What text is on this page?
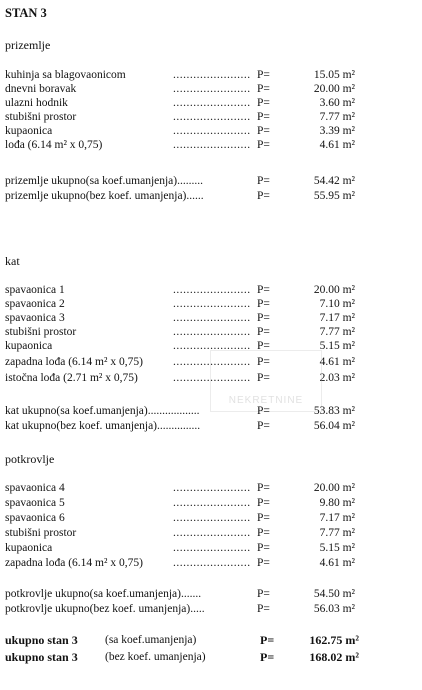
STAN 3
prizemlje
kuhinja sa blagovaonicom	....................... P=	15.05 m²
dnevni boravak	....................... P=	20.00 m²
ulazni hodnik	....................... P=	3.60 m²
stubišni prostor	....................... P=	7.77 m²
kupaonica	....................... P=	3.39 m²
lođa (6.14 m² x 0,75)	....................... P=	4.61 m²
prizemlje ukupno(sa koef.umanjenja).........	P=	54.42 m²
prizemlje ukupno(bez koef. umanjenja)......	P=	55.95 m²
kat
spavaonica 1	....................... P=	20.00 m²
spavaonica 2	....................... P=	7.10 m²
spavaonica 3	....................... P=	7.17 m²
stubišni prostor	....................... P=	7.77 m²
kupaonica	....................... P=	5.15 m²
zapadna lođa (6.14 m² x 0,75)	....................... P=	4.61 m²
istočna lođa (2.71 m² x 0,75)	....................... P=	2.03 m²
NEKRETNINE
kat ukupno(sa koef.umanjenja)..................	P=	53.83 m²
kat ukupno(bez koef. umanjenja)...............	P=	56.04 m²
potkrovlje
spavaonica 4	....................... P=	20.00 m²
spavaonica 5	....................... P=	9.80 m²
spavaonica 6	....................... P=	7.17 m²
stubišni prostor	....................... P=	7.77 m²
kupaonica	....................... P=	5.15 m²
zapadna lođa (6.14 m² x 0,75)	....................... P=	4.61 m²
potkrovlje ukupno(sa koef.umanjenja).......	P=	54.50 m²
potkrovlje ukupno(bez koef. umanjenja).....	P=	56.03 m²
ukupno stan 3 (sa koef.umanjenja)	P=	162.75 m²
ukupno stan 3 (bez koef. umanjenja)	P=	168.02 m²
